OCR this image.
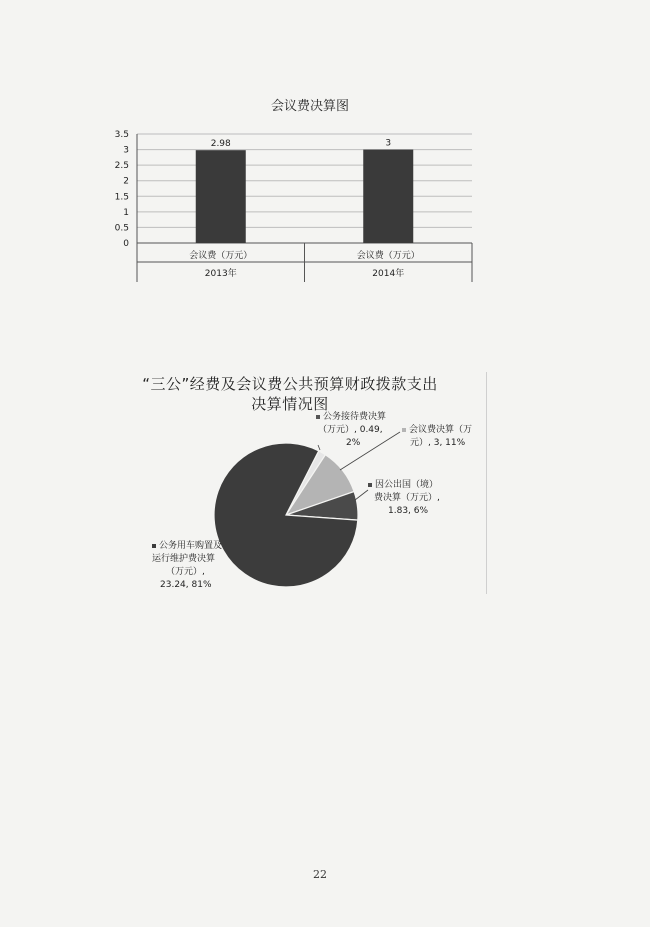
会议费决算图
0
0.5
1
1.5
2
2.5
3
3.5
2.98
会议费（万元）
2013年
3
会议费（万元）
2014年
“三公”经费及会议费公共预算财政拨款支出
决算情况图
公务用车购置及
运行维护费决算
（万元）,
23.24, 81%
公务接待费决算
（万元）, 0.49,
2%
会议费决算（万
元）, 3, 11%
因公出国（境）
费决算（万元）,
1.83, 6%
22
